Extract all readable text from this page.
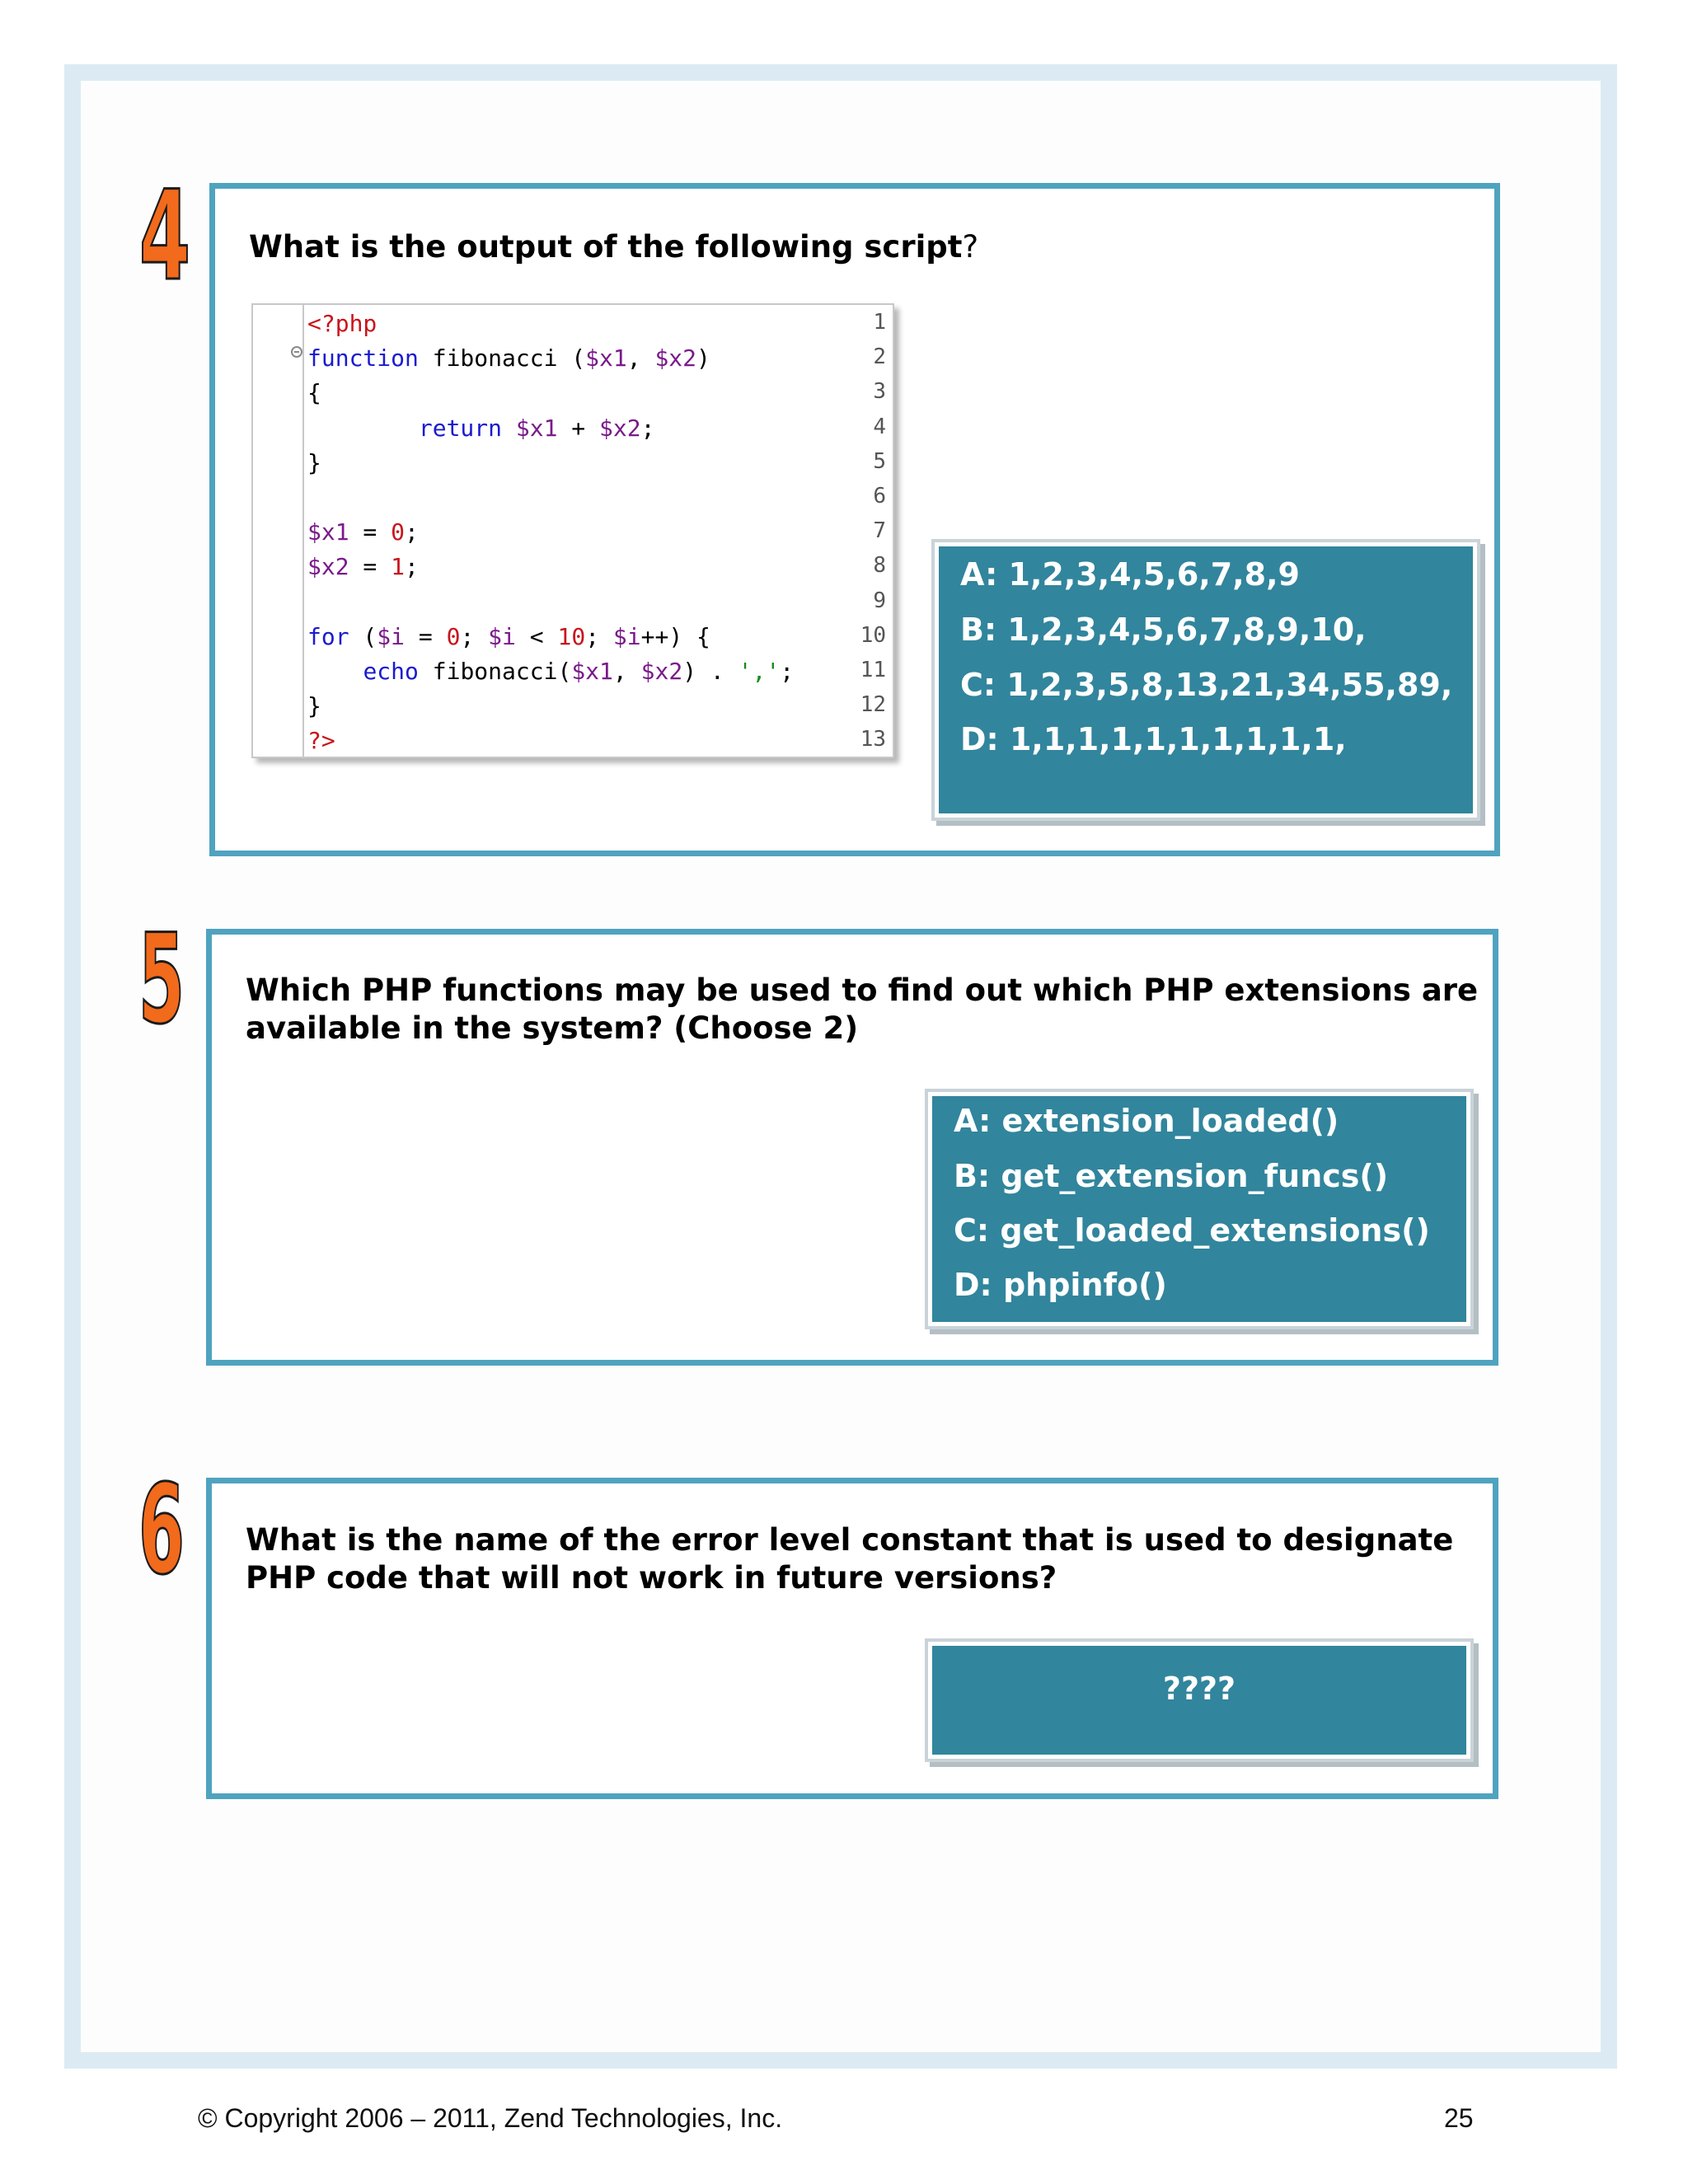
4 What is the output of the following script?
1
2
3
4
5
6
7
8
9
10
11
12
13
<?php
function fibonacci ($x1, $x2)
{
return $x1 + $x2;
}
$x1 = 0;
$x2 = 1;
for ($i = 0; $i < 10; $i++) {
echo fibonacci($x1, $x2) . ',';
}
?>
A: 1,2,3,4,5,6,7,8,9
B: 1,2,3,4,5,6,7,8,9,10,
C: 1,2,3,5,8,13,21,34,55,89,
D: 1,1,1,1,1,1,1,1,1,1,
5 Which PHP functions may be used to find out which PHP extensions are
available in the system? (Choose 2)
A: extension_loaded()
B: get_extension_funcs()
C: get_loaded_extensions()
D: phpinfo()
6 What is the name of the error level constant that is used to designate
PHP code that will not work in future versions?
????
© Copyright 2006 – 2011, Zend Technologies, Inc.	25
